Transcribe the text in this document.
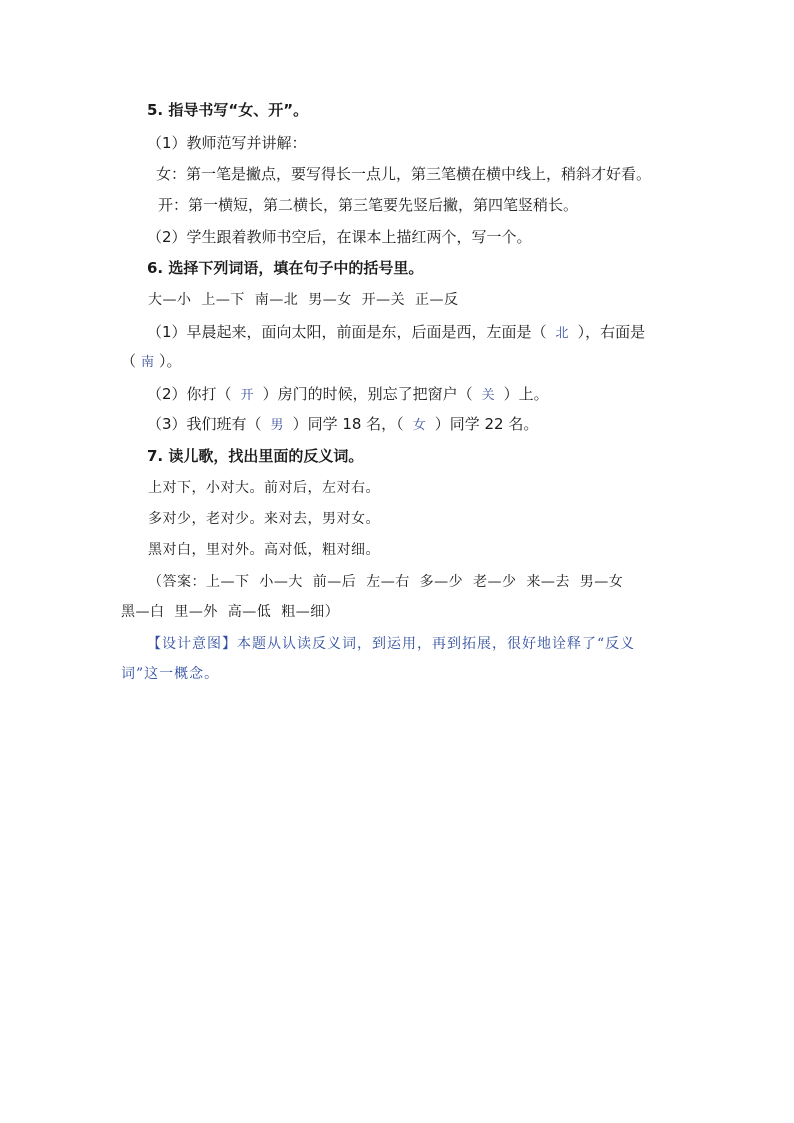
5. 指导书写“女、开”。
（1）教师范写并讲解：
女：第一笔是撇点，要写得长一点儿，第三笔横在横中线上，稍斜才好看。
开：第一横短，第二横长，第三笔要先竖后撇，第四笔竖稍长。
（2）学生跟着教师书空后，在课本上描红两个，写一个。
6. 选择下列词语，填在句子中的括号里。
大—小  上—下  南—北  男—女  开—关  正—反
（1）早晨起来，面向太阳，前面是东，后面是西，左面是（ 北 ），右面是
（ 南 ）。
（2）你打（ 开 ）房门的时候，别忘了把窗户（ 关 ）上。
（3）我们班有（ 男 ）同学 18 名，（ 女 ）同学 22 名。
7. 读儿歌，找出里面的反义词。
上对下，小对大。前对后，左对右。
多对少，老对少。来对去，男对女。
黑对白，里对外。高对低，粗对细。
（答案：上—下  小—大  前—后  左—右  多—少  老—少  来—去  男—女
黑—白  里—外  高—低  粗—细）
【设计意图】本题从认读反义词，到运用，再到拓展，很好地诠释了“反义
词”这一概念。
